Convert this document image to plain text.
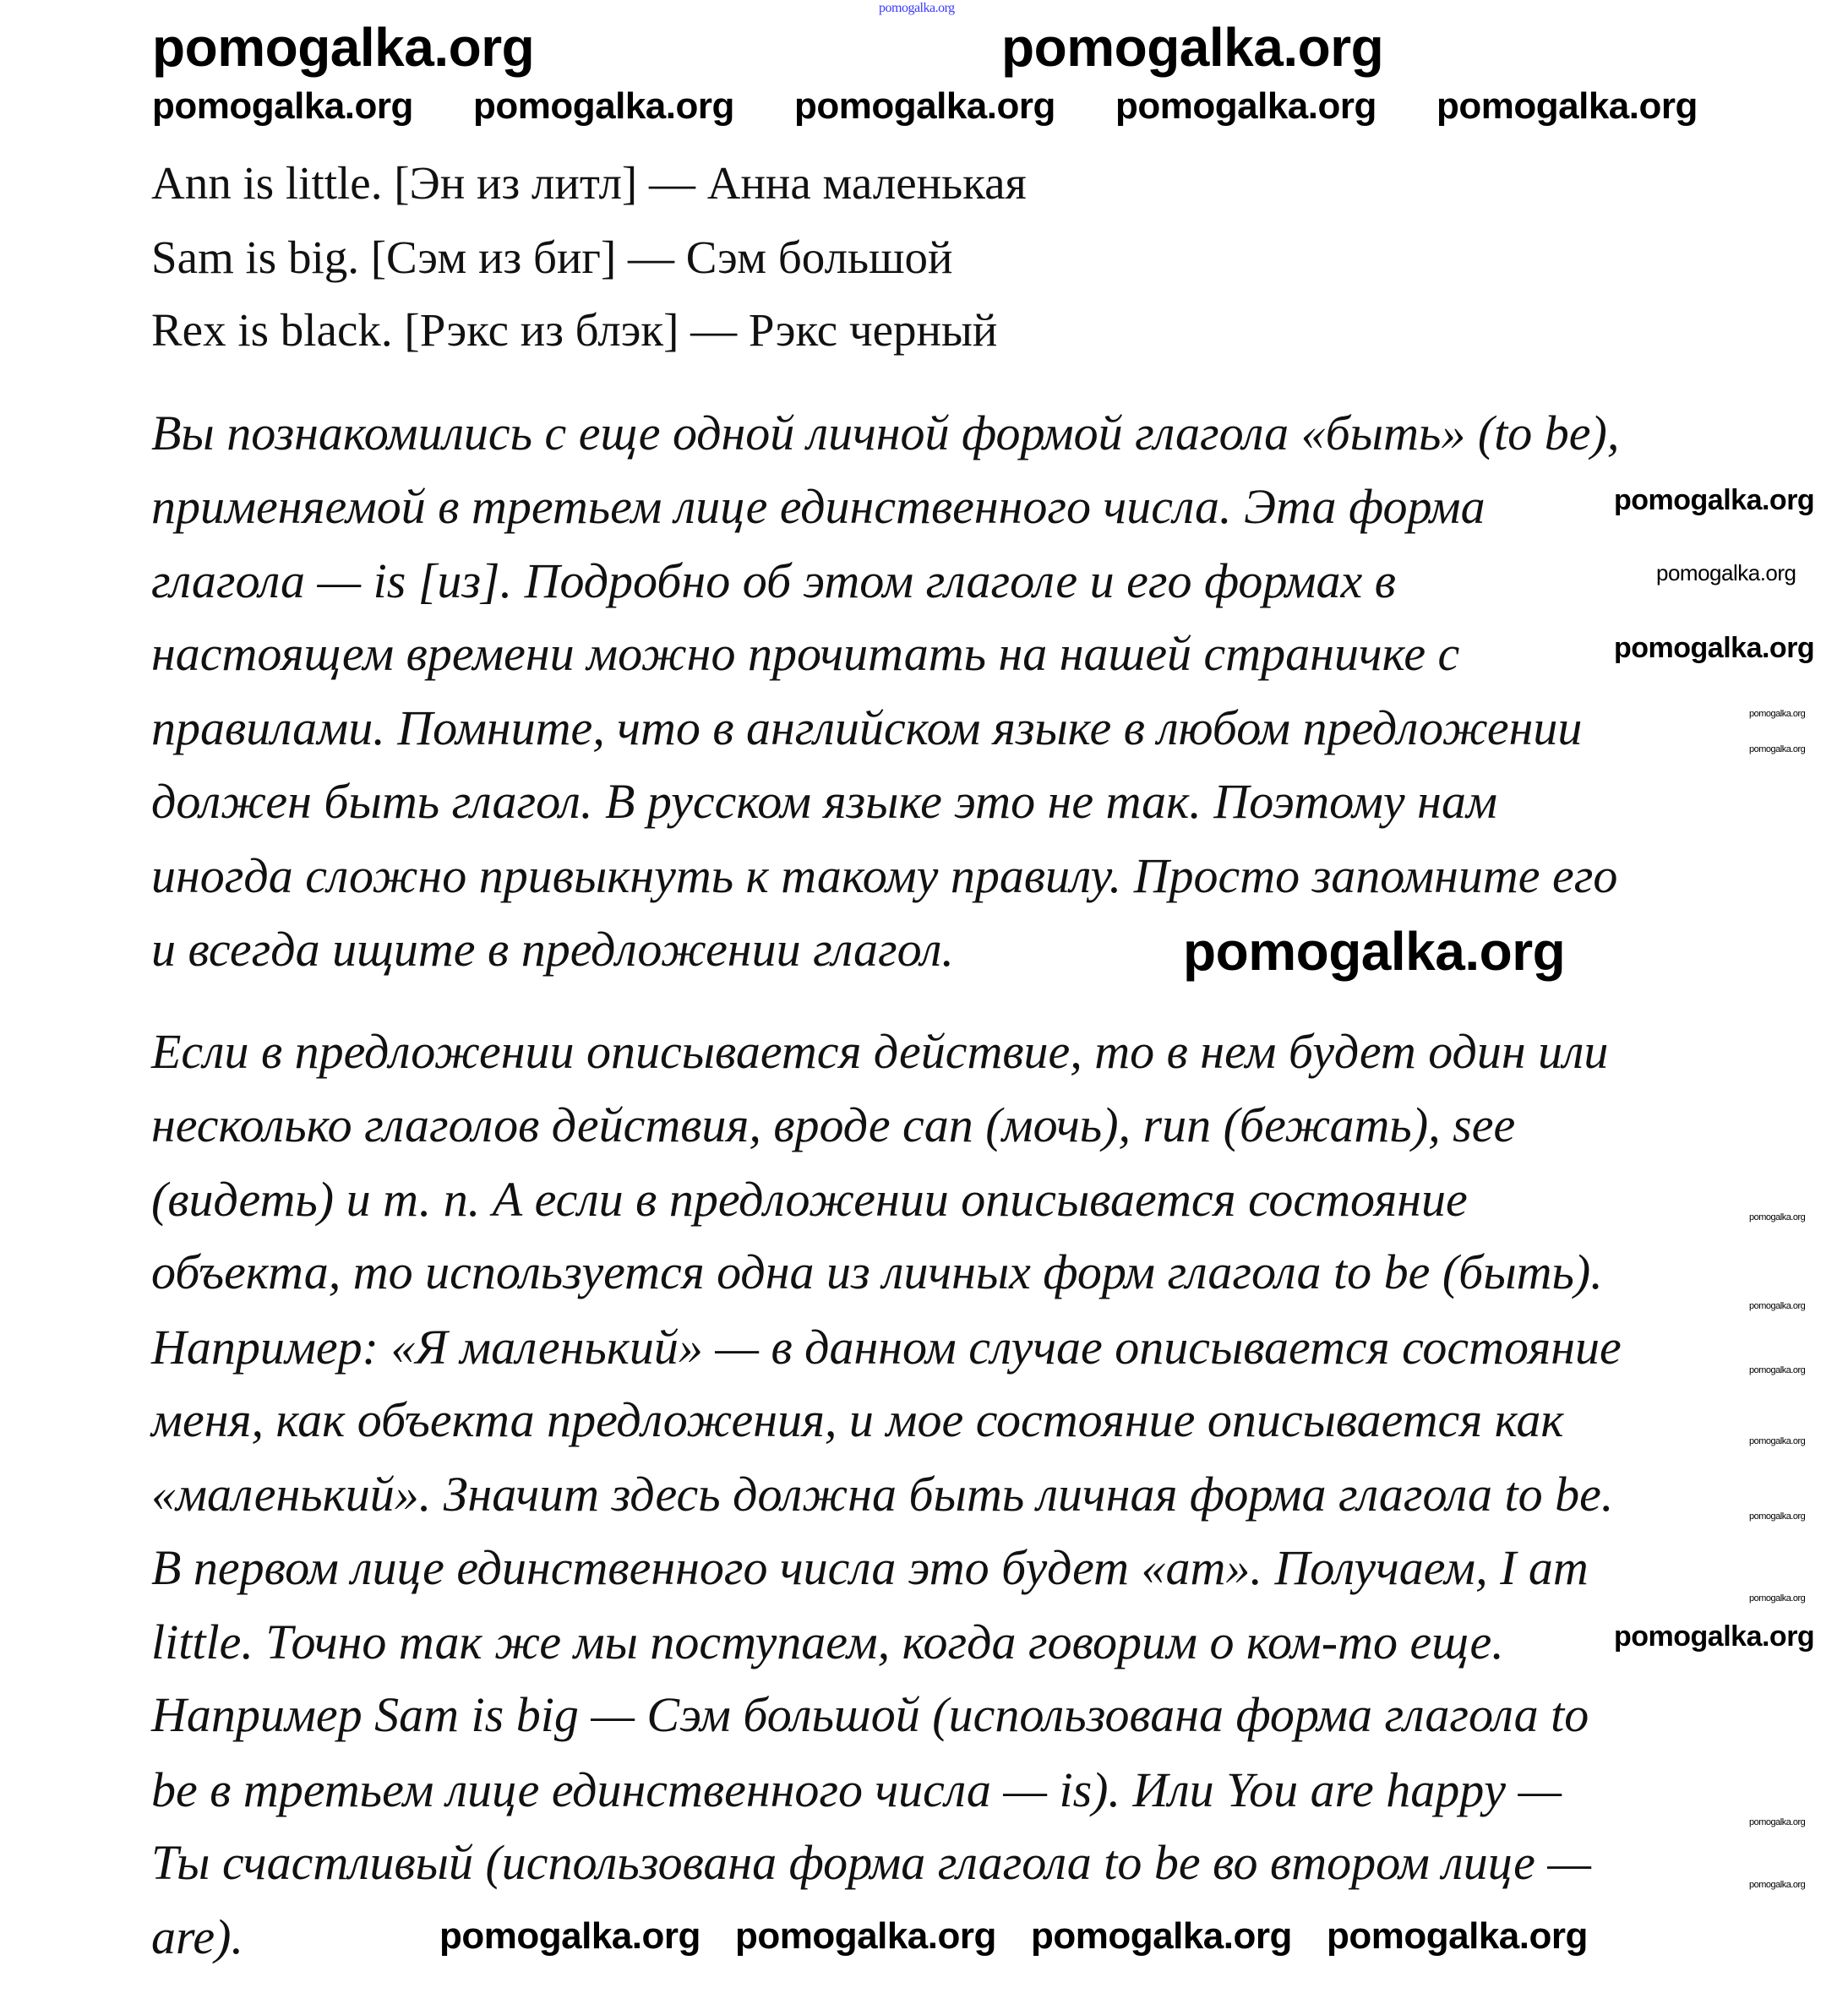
pomogalka.org
Ann is little. [Эн из литл] — Анна маленькая
Sam is big. [Сэм из биг] — Сэм большой
Rex is black. [Рэкс из блэк] — Рэкс черный
Вы познакомились с еще одной личной формой глагола «быть» (to be),
применяемой в третьем лице единственного числа. Эта форма
глагола — is [из]. Подробно об этом глаголе и его формах в
настоящем времени можно прочитать на нашей страничке с
правилами. Помните, что в английском языке в любом предложении
должен быть глагол. В русском языке это не так. Поэтому нам
иногда сложно привыкнуть к такому правилу. Просто запомните его
и всегда ищите в предложении глагол.
Если в предложении описывается действие, то в нем будет один или
несколько глаголов действия, вроде can (мочь), run (бежать), see
(видеть) и т. п. А если в предложении описывается состояние
объекта, то используется одна из личных форм глагола to be (быть).
Например: «Я маленький» — в данном случае описывается состояние
меня, как объекта предложения, и мое состояние описывается как
«маленький». Значит здесь должна быть личная форма глагола to be.
В первом лице единственного числа это будет «am». Получаем, I am
little. Точно так же мы поступаем, когда говорим о ком-то еще.
Например Sam is big — Сэм большой (использована форма глагола to
be в третьем лице единственного числа — is). Или You are happy —
Ты счастливый (использована форма глагола to be во втором лице —
are).
pomogalka.org	pomogalka.org
pomogalka.org pomogalka.org pomogalka.org pomogalka.org pomogalka.org
pomogalka.org
pomogalka.org
pomogalka.org
pomogalka.org
pomogalka.org
pomogalka.org pomogalka.org pomogalka.org pomogalka.org
pomogalka.org
pomogalka.org
pomogalka.org
pomogalka.org
pomogalka.org
pomogalka.org
pomogalka.org
pomogalka.org
pomogalka.org
pomogalka.org
